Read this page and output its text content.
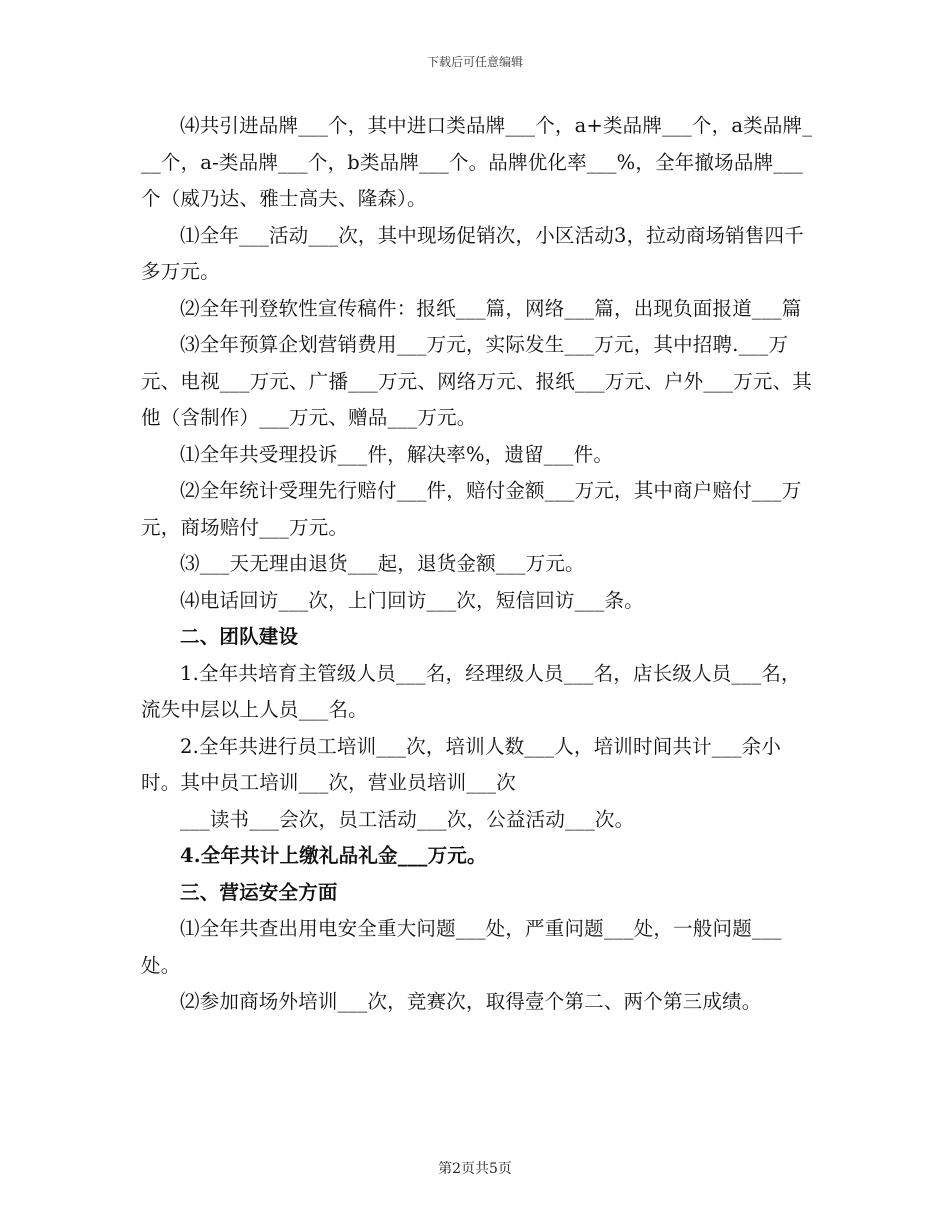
下载后可任意编辑

⑷共引进品牌___个，其中进口类品牌___个，a+类品牌___个，a类品牌___个，a-类品牌___个，b类品牌___个。品牌优化率___%，全年撤场品牌___个（威乃达、雅士高夫、隆森）。

⑴全年___活动___次，其中现场促销次，小区活动3，拉动商场销售四千多万元。

⑵全年刊登软性宣传稿件：报纸___篇，网络___篇，出现负面报道___篇

⑶全年预算企划营销费用___万元，实际发生___万元，其中招聘.___万元、电视___万元、广播___万元、网络万元、报纸___万元、户外___万元、其他（含制作）___万元、赠品___万元。

⑴全年共受理投诉___件，解决率%，遗留___件。

⑵全年统计受理先行赔付___件，赔付金额___万元，其中商户赔付___万元，商场赔付___万元。

⑶___天无理由退货___起，退货金额___万元。

⑷电话回访___次，上门回访___次，短信回访___条。

二、团队建设

1.全年共培育主管级人员___名，经理级人员___名，店长级人员___名，流失中层以上人员___名。

2.全年共进行员工培训___次，培训人数___人，培训时间共计___余小时。其中员工培训___次，营业员培训___次

___读书___会次，员工活动___次，公益活动___次。

4.全年共计上缴礼品礼金___万元。

三、营运安全方面

⑴全年共查出用电安全重大问题___处，严重问题___处，一般问题___处。

⑵参加商场外培训___次，竞赛次，取得壹个第二、两个第三成绩。

第2页共5页
